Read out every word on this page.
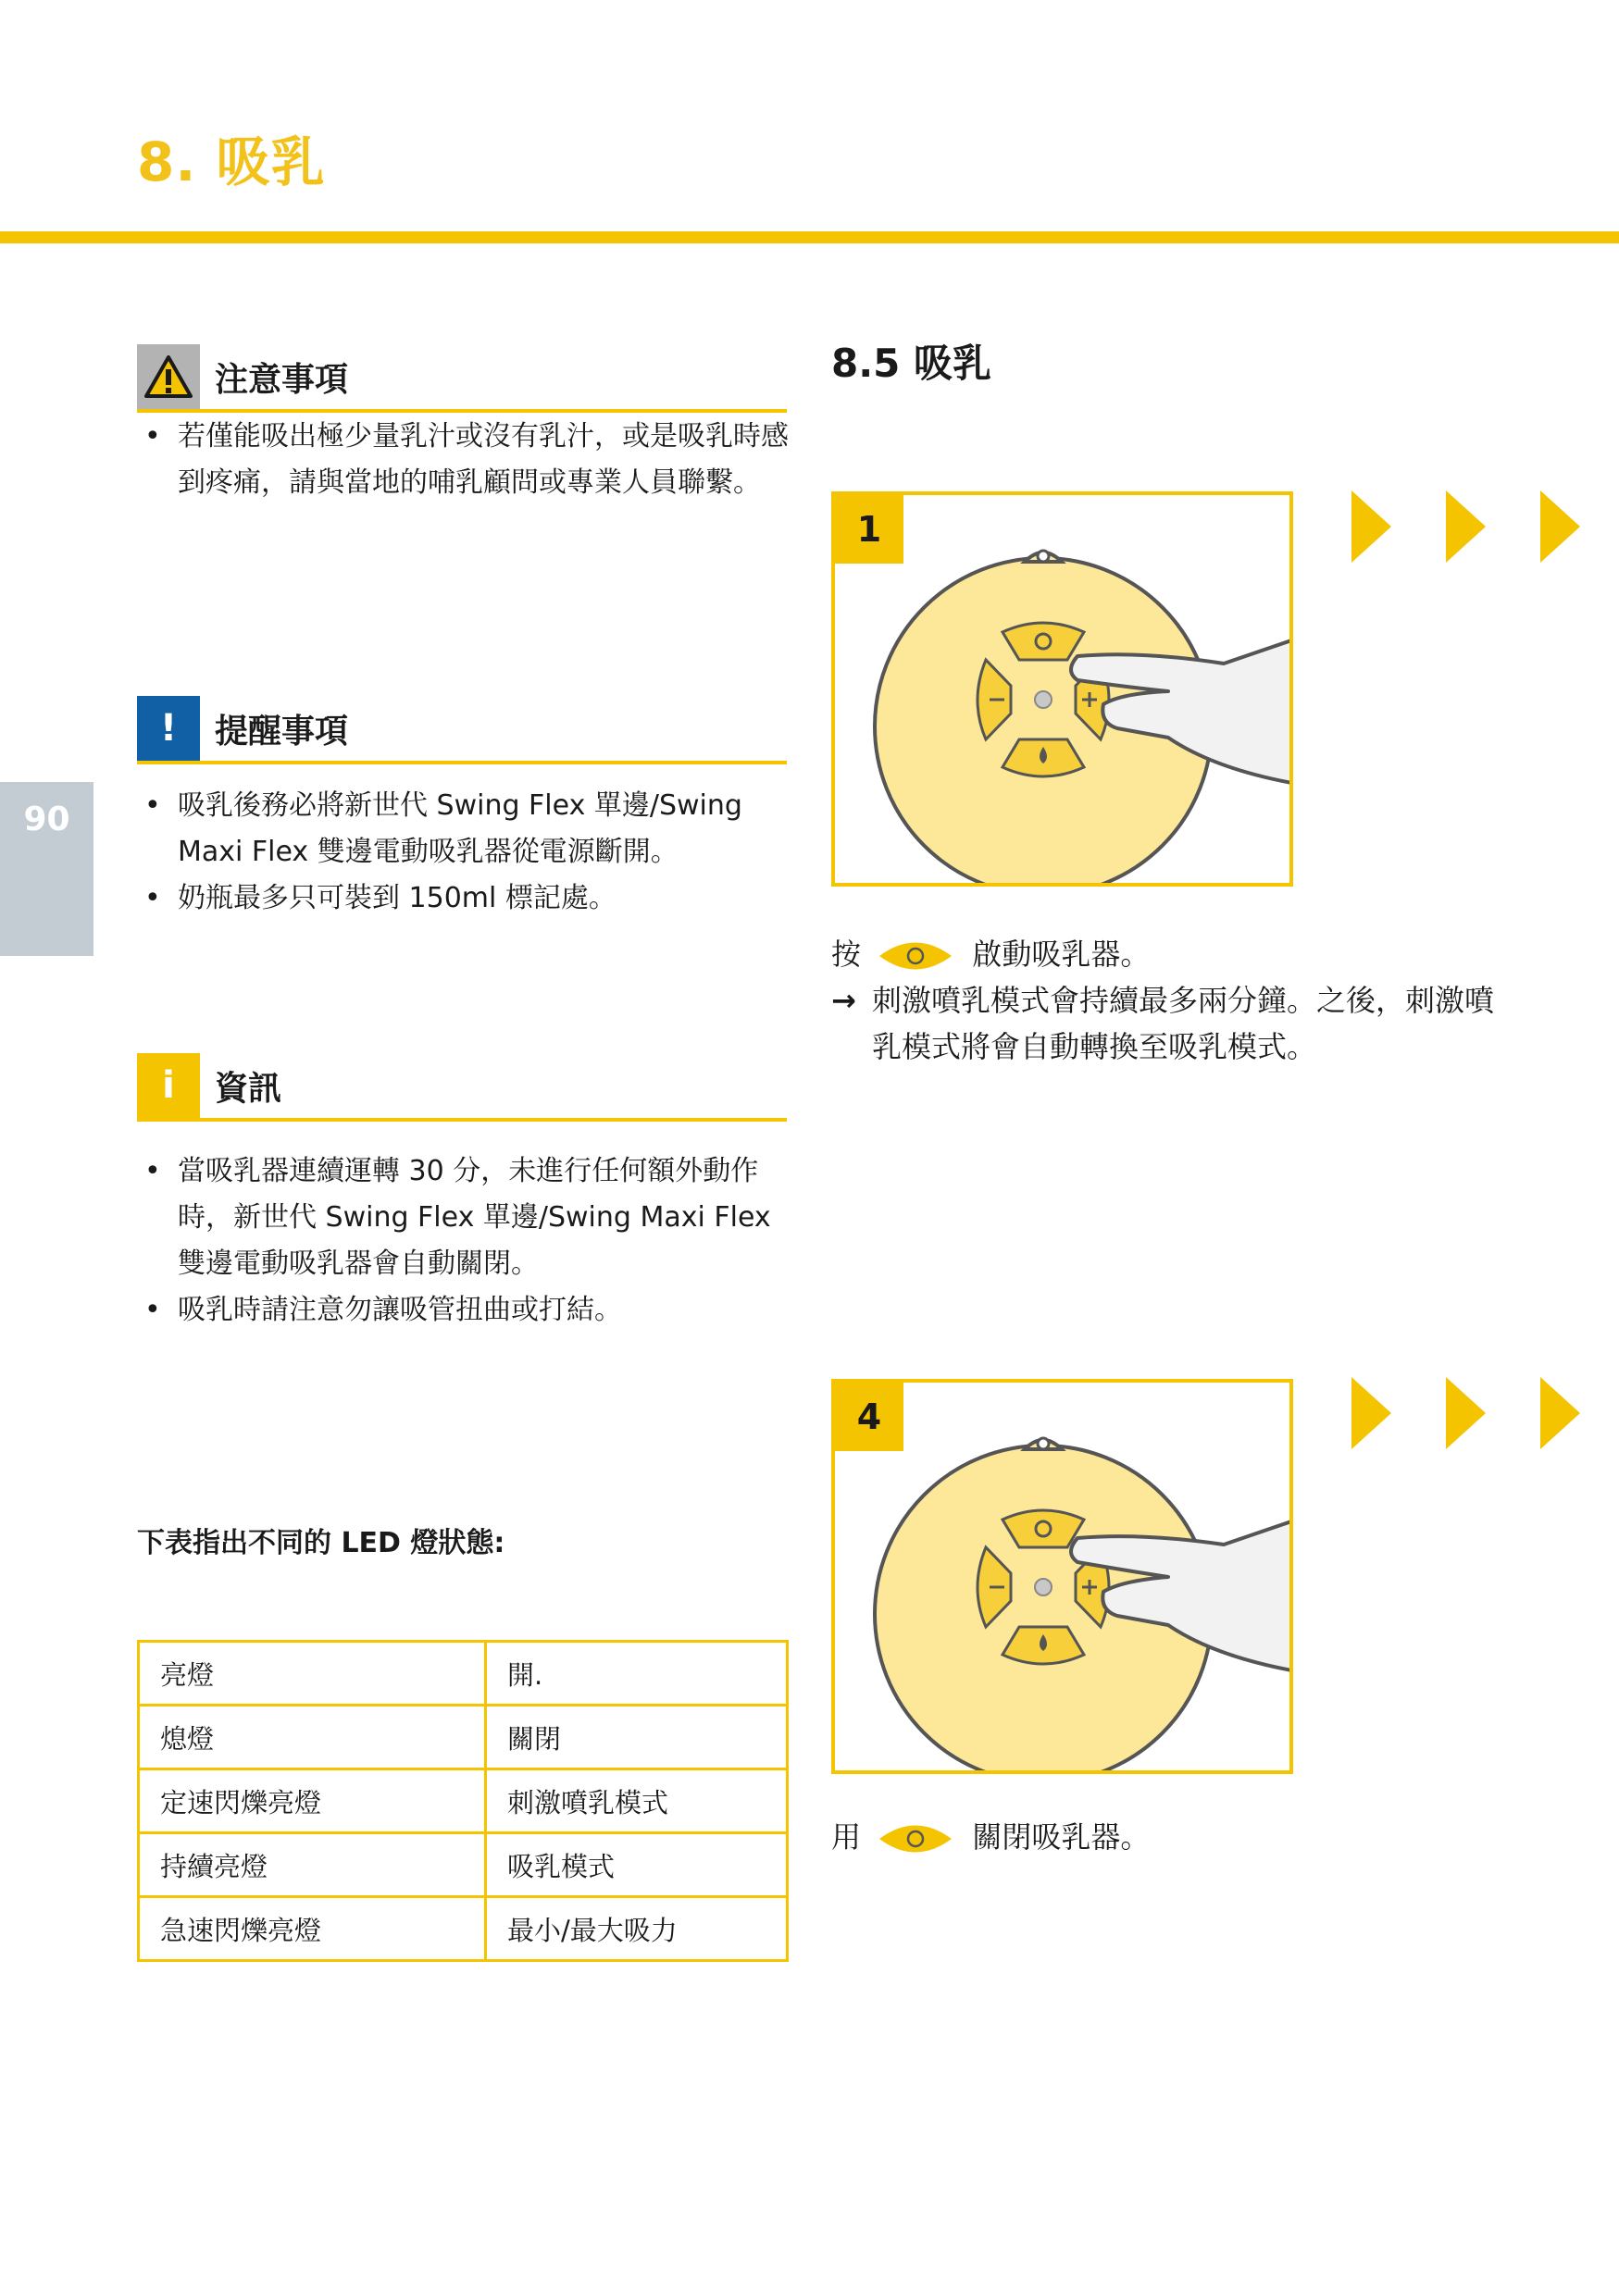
8. 吸乳
90
注意事項
• 若僅能吸出極少量乳汁或沒有乳汁，或是吸乳時感到疼痛，請與當地的哺乳顧問或專業人員聯繫。
!	提醒事項
• 吸乳後務必將新世代 Swing Flex 單邊/Swing Maxi Flex 雙邊電動吸乳器從電源斷開。
• 奶瓶最多只可裝到 150ml 標記處。
i	資訊
• 當吸乳器連續運轉 30 分，未進行任何額外動作時，新世代 Swing Flex 單邊/Swing Maxi Flex 雙邊電動吸乳器會自動關閉。
• 吸乳時請注意勿讓吸管扭曲或打結。
下表指出不同的 LED 燈狀態:
亮燈	開.
熄燈	關閉
定速閃爍亮燈	刺激噴乳模式
持續亮燈	吸乳模式
急速閃爍亮燈	最小/最大吸力
8.5 吸乳
1
按	啟動吸乳器。
→ 刺激噴乳模式會持續最多兩分鐘。之後，刺激噴乳模式將會自動轉換至吸乳模式。
4
用	關閉吸乳器。
